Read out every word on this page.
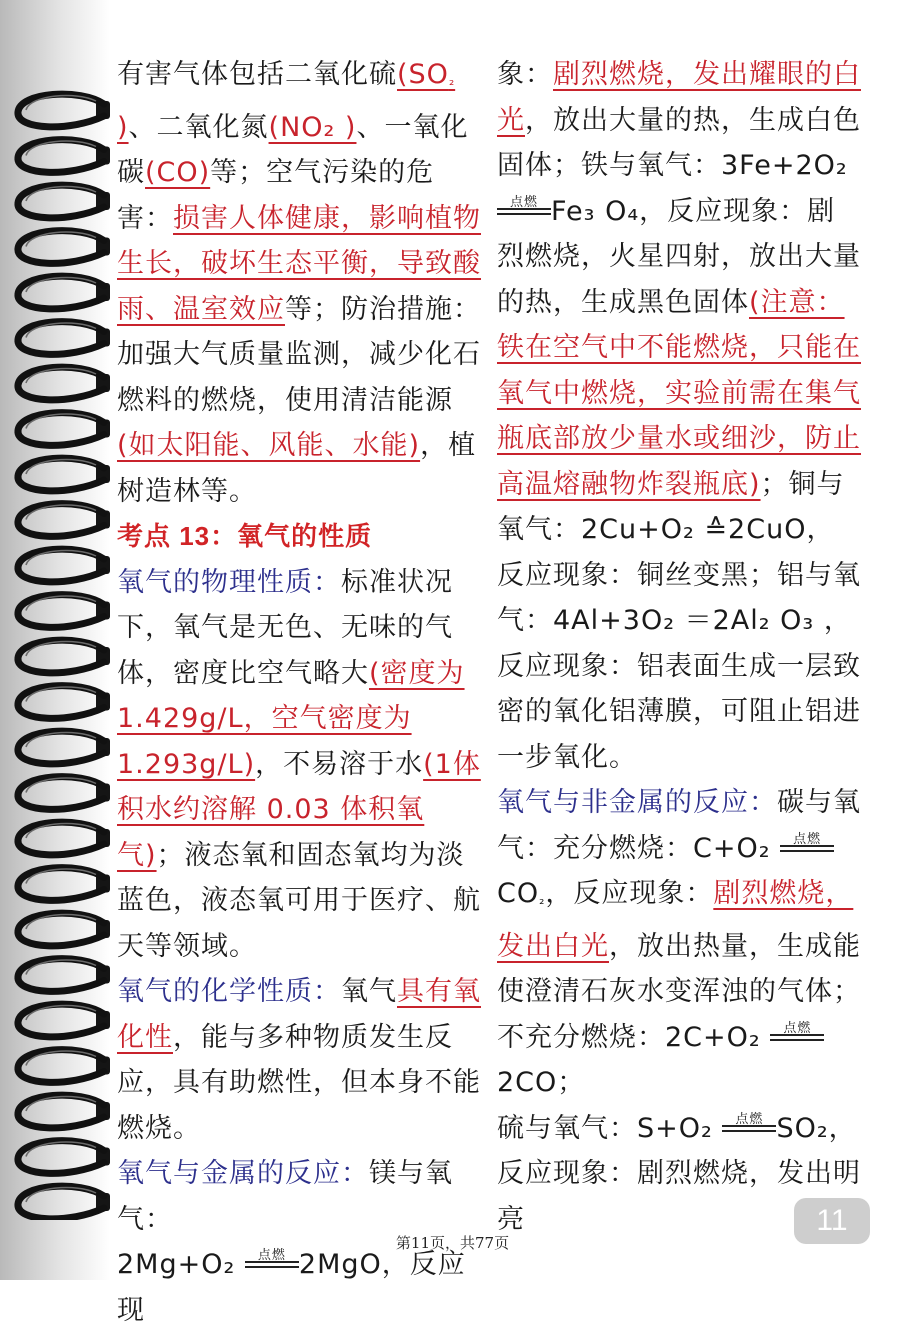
有害气体包括二氧化硫(SO₂ )、二氧化氮(NO₂ )、一氧化碳(CO)等；空气污染的危害：损害人体健康，影响植物生长，破坏生态平衡，导致酸雨、温室效应等；防治措施：加强大气质量监测，减少化石燃料的燃烧，使用清洁能源(如太阳能、风能、水能)，植树造林等。

考点 13：氧气的性质
氧气的物理性质：标准状况下，氧气是无色、无味的气体，密度比空气略大(密度为1.429g/L，空气密度为1.293g/L)，不易溶于水(1体积水约溶解 0.03 体积氧气)；液态氧和固态氧均为淡蓝色，液态氧可用于医疗、航天等领域。
氧气的化学性质：氧气具有氧化性，能与多种物质发生反应，具有助燃性，但本身不能燃烧。
氧气与金属的反应：镁与氧气：
2Mg+O₂	点燃 2MgO，反应现
象：剧烈燃烧，发出耀眼的白光，放出大量的热，生成白色固体；铁与氧气：3Fe+2O₂

点燃 Fe₃ O₄，反应现象：剧烈燃烧，火星四射，放出大量的热，生成黑色固体(注意：铁在空气中不能燃烧，只能在氧气中燃烧，实验前需在集气瓶底部放少量水或细沙，防止高温熔融物炸裂瓶底)；铜与氧气：2Cu+O₂ ≙2CuO，反应现象：铜丝变黑；铝与氧气：4Al+3O₂ ＝2Al₂ O₃ ，反应现象：铝表面生成一层致密的氧化铝薄膜，可阻止铝进一步氧化。
氧气与非金属的反应：碳与氧气：充分燃烧：C+O₂	点燃
CO₂，反应现象：剧烈燃烧，发出白光，放出热量，生成能使澄清石灰水变浑浊的气体；不充分燃烧：2C+O₂	点燃
2CO；
硫与氧气：S+O₂	点燃 SO₂，反应现象：剧烈燃烧，发出明亮	11
第11页，共77页
